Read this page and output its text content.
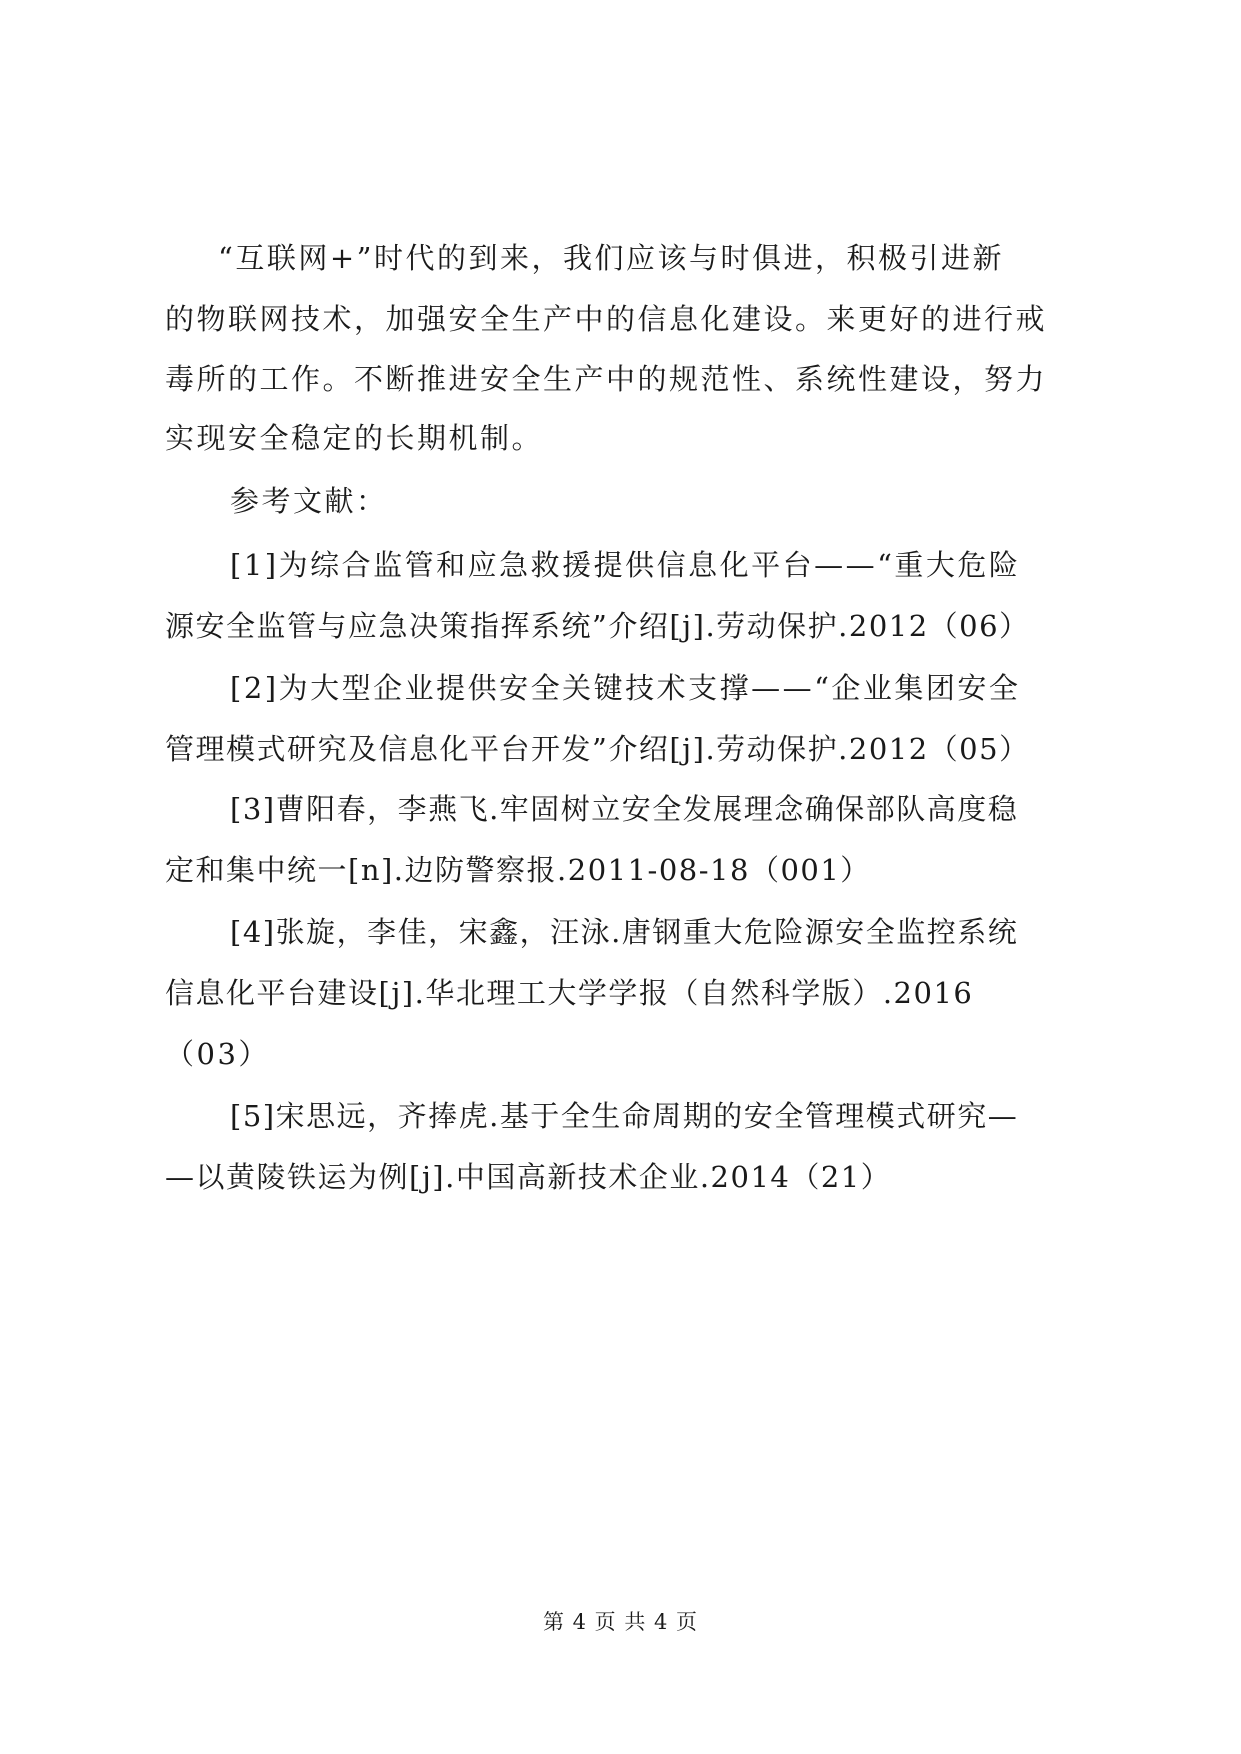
“互联网+”时代的到来，我们应该与时俱进，积极引进新
的物联网技术，加强安全生产中的信息化建设。来更好的进行戒
毒所的工作。不断推进安全生产中的规范性、系统性建设，努力
实现安全稳定的长期机制。
参考文献：
[1]为综合监管和应急救援提供信息化平台——“重大危险
源安全监管与应急决策指挥系统”介绍[j].劳动保护.2012（06）
[2]为大型企业提供安全关键技术支撑——“企业集团安全
管理模式研究及信息化平台开发”介绍[j].劳动保护.2012（05）
[3]曹阳春，李燕飞.牢固树立安全发展理念确保部队高度稳
定和集中统一[n].边防警察报.2011-08-18（001）
[4]张旋，李佳，宋鑫，汪泳.唐钢重大危险源安全监控系统
信息化平台建设[j].华北理工大学学报（自然科学版）.2016
（03）
[5]宋思远，齐捧虎.基于全生命周期的安全管理模式研究—
—以黄陵铁运为例[j].中国高新技术企业.2014（21）
第 4 页 共 4 页
